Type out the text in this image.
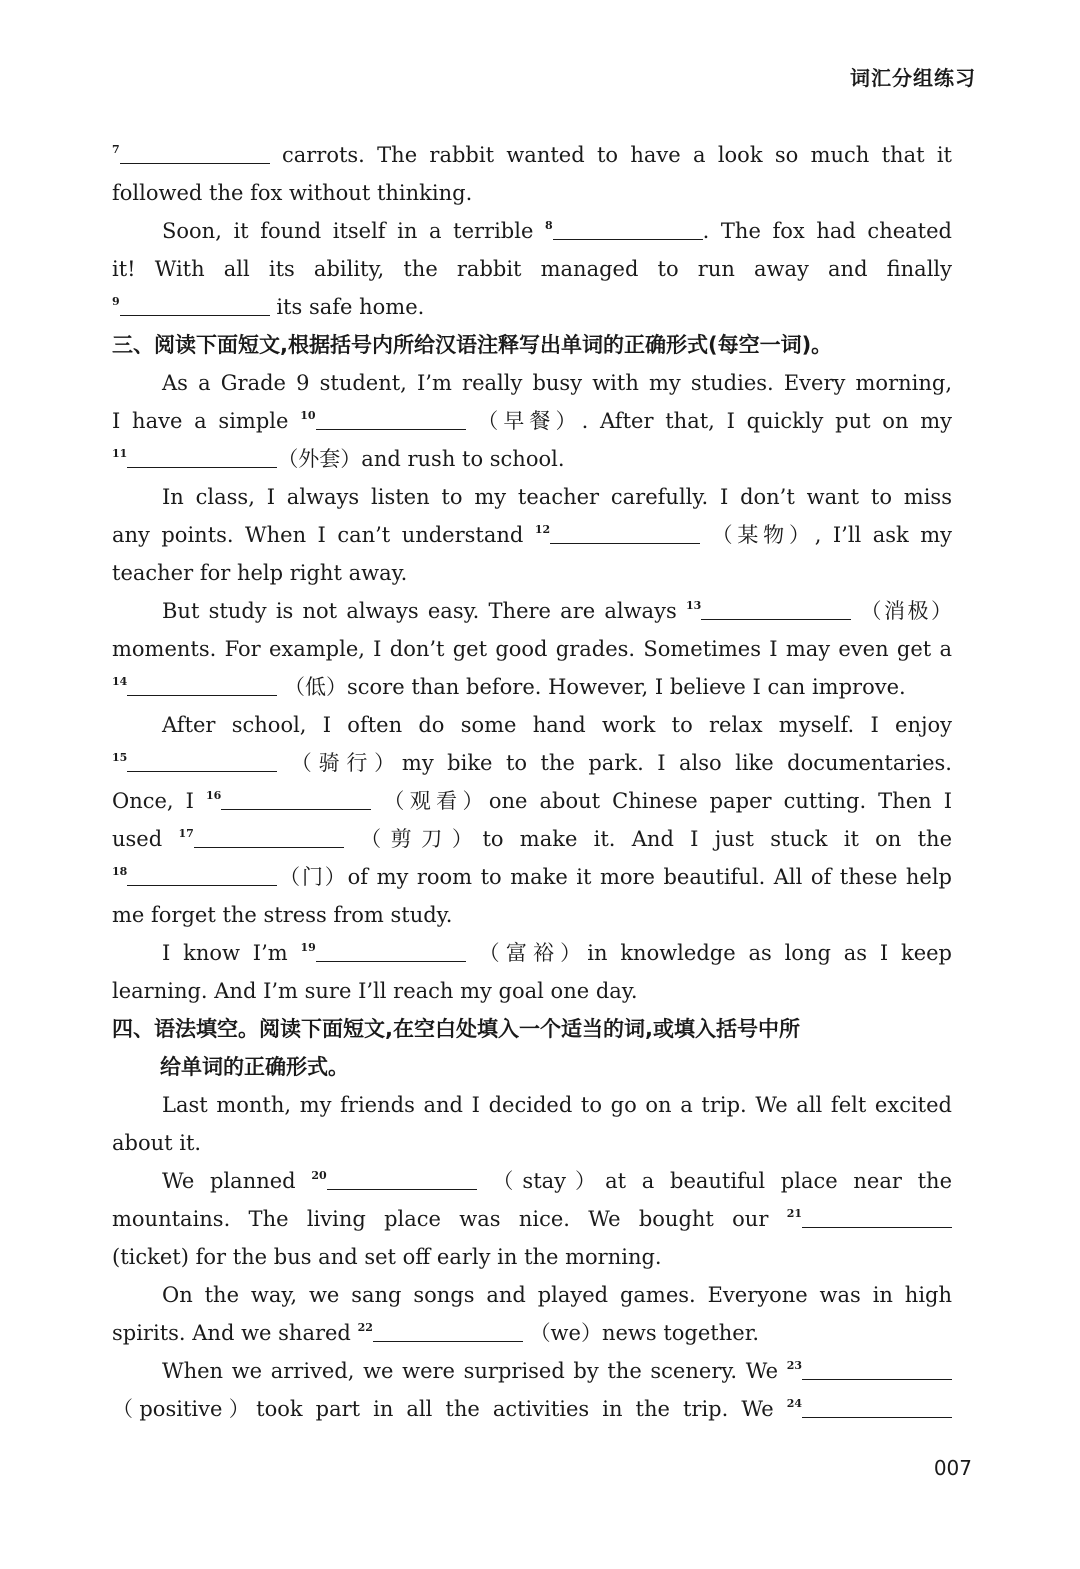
词汇分组练习
$^7$	carrots. The rabbit wanted to have a look so much that it
followed the fox without thinking.
Soon, it found itself in a terrible $^8$	. The fox had cheated
it! With all its ability, the rabbit managed to run away and finally
$^9$	its safe home.
三、阅读下面短文,根据括号内所给汉语注释写出单词的正确形式(每空一词)。
As a Grade 9 student, I’m really busy with my studies. Every morning,
I have a simple $^{10}$	（早餐）. After that, I quickly put on my
$^{11}$	（外套）and rush to school.
In class, I always listen to my teacher carefully. I don’t want to miss
any points. When I can’t understand $^{12}$	（某物）, I’ll ask my
teacher for help right away.
But study is not always easy. There are always $^{13}$	（消极）
moments. For example, I don’t get good grades. Sometimes I may even get a
$^{14}$	（低）score than before. However, I believe I can improve.
After school, I often do some hand work to relax myself. I enjoy
$^{15}$	（骑行）my bike to the park. I also like documentaries.
Once, I $^{16}$	（观看）one about Chinese paper cutting. Then I
used $^{17}$	（剪刀）to make it. And I just stuck it on the
$^{18}$	（门）of my room to make it more beautiful. All of these help
me forget the stress from study.
I know I’m $^{19}$	（富裕）in knowledge as long as I keep
learning. And I’m sure I’ll reach my goal one day.
四、语法填空。阅读下面短文,在空白处填入一个适当的词,或填入括号中所
给单词的正确形式。
Last month, my friends and I decided to go on a trip. We all felt excited
about it.
We planned $^{20}$	（stay）at a beautiful place near the
mountains. The living place was nice. We bought our $^{21}$
(ticket) for the bus and set off early in the morning.
On the way, we sang songs and played games. Everyone was in high
spirits. And we shared $^{22}$	（we）news together.
When we arrived, we were surprised by the scenery. We $^{23}$
（positive）took part in all the activities in the trip. We $^{24}$
007
